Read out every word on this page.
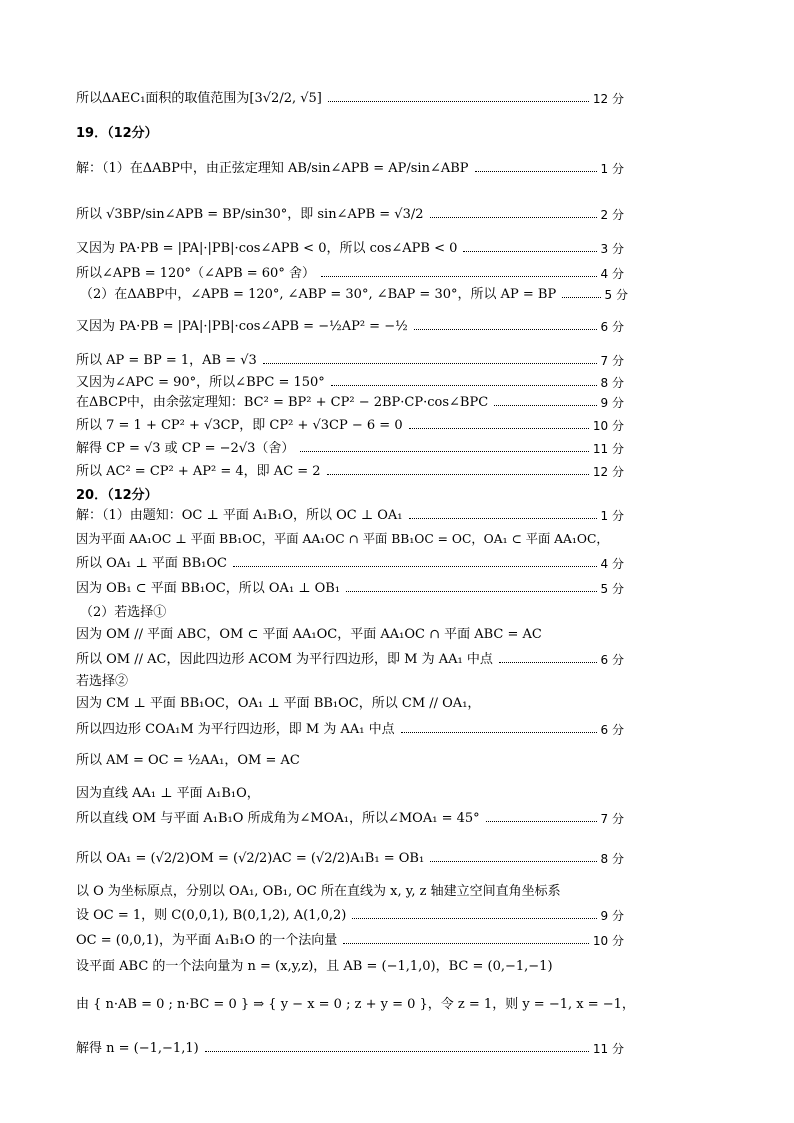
所以ΔAEC₁面积的取值范围为[3√2/2, √5]	12 分
19．（12分）
解：（1）在ΔABP中，由正弦定理知 AB/sin∠APB = AP/sin∠ABP	1 分
所以 √3BP/sin∠APB = BP/sin30°，即 sin∠APB = √3/2	2 分
又因为 PA·PB = |PA|·|PB|·cos∠APB < 0，所以 cos∠APB < 0	3 分
所以∠APB = 120°（∠APB = 60° 舍）	4 分
（2）在ΔABP中，∠APB = 120°, ∠ABP = 30°, ∠BAP = 30°，所以 AP = BP	5 分
又因为 PA·PB = |PA|·|PB|·cos∠APB = −½AP² = −½	6 分
所以 AP = BP = 1，AB = √3	7 分
又因为∠APC = 90°，所以∠BPC = 150°	8 分
在ΔBCP中，由余弦定理知：BC² = BP² + CP² − 2BP·CP·cos∠BPC	9 分
所以 7 = 1 + CP² + √3CP，即 CP² + √3CP − 6 = 0	10 分
解得 CP = √3 或 CP = −2√3（舍）	11 分
所以 AC² = CP² + AP² = 4，即 AC = 2	12 分
20．（12分）
解：（1）由题知：OC ⊥ 平面 A₁B₁O，所以 OC ⊥ OA₁	1 分
因为平面 AA₁OC ⊥ 平面 BB₁OC，平面 AA₁OC ∩ 平面 BB₁OC = OC，OA₁ ⊂ 平面 AA₁OC，
所以 OA₁ ⊥ 平面 BB₁OC	4 分
因为 OB₁ ⊂ 平面 BB₁OC，所以 OA₁ ⊥ OB₁	5 分
（2）若选择①
因为 OM // 平面 ABC，OM ⊂ 平面 AA₁OC，平面 AA₁OC ∩ 平面 ABC = AC
所以 OM // AC，因此四边形 ACOM 为平行四边形，即 M 为 AA₁ 中点	6 分
若选择②
因为 CM ⊥ 平面 BB₁OC，OA₁ ⊥ 平面 BB₁OC，所以 CM // OA₁，
所以四边形 COA₁M 为平行四边形，即 M 为 AA₁ 中点	6 分
所以 AM = OC = ½AA₁，OM = AC
因为直线 AA₁ ⊥ 平面 A₁B₁O，
所以直线 OM 与平面 A₁B₁O 所成角为∠MOA₁，所以∠MOA₁ = 45°	7 分
所以 OA₁ = (√2/2)OM = (√2/2)AC = (√2/2)A₁B₁ = OB₁	8 分
以 O 为坐标原点，分别以 OA₁, OB₁, OC 所在直线为 x, y, z 轴建立空间直角坐标系
设 OC = 1，则 C(0,0,1), B(0,1,2), A(1,0,2)	9 分
OC = (0,0,1)，为平面 A₁B₁O 的一个法向量	10 分
设平面 ABC 的一个法向量为 n = (x,y,z)，且 AB = (−1,1,0)，BC = (0,−1,−1)
由 { n·AB = 0 ; n·BC = 0 } ⇒ { y − x = 0 ; z + y = 0 }，令 z = 1，则 y = −1, x = −1，
解得 n = (−1,−1,1)	11 分
